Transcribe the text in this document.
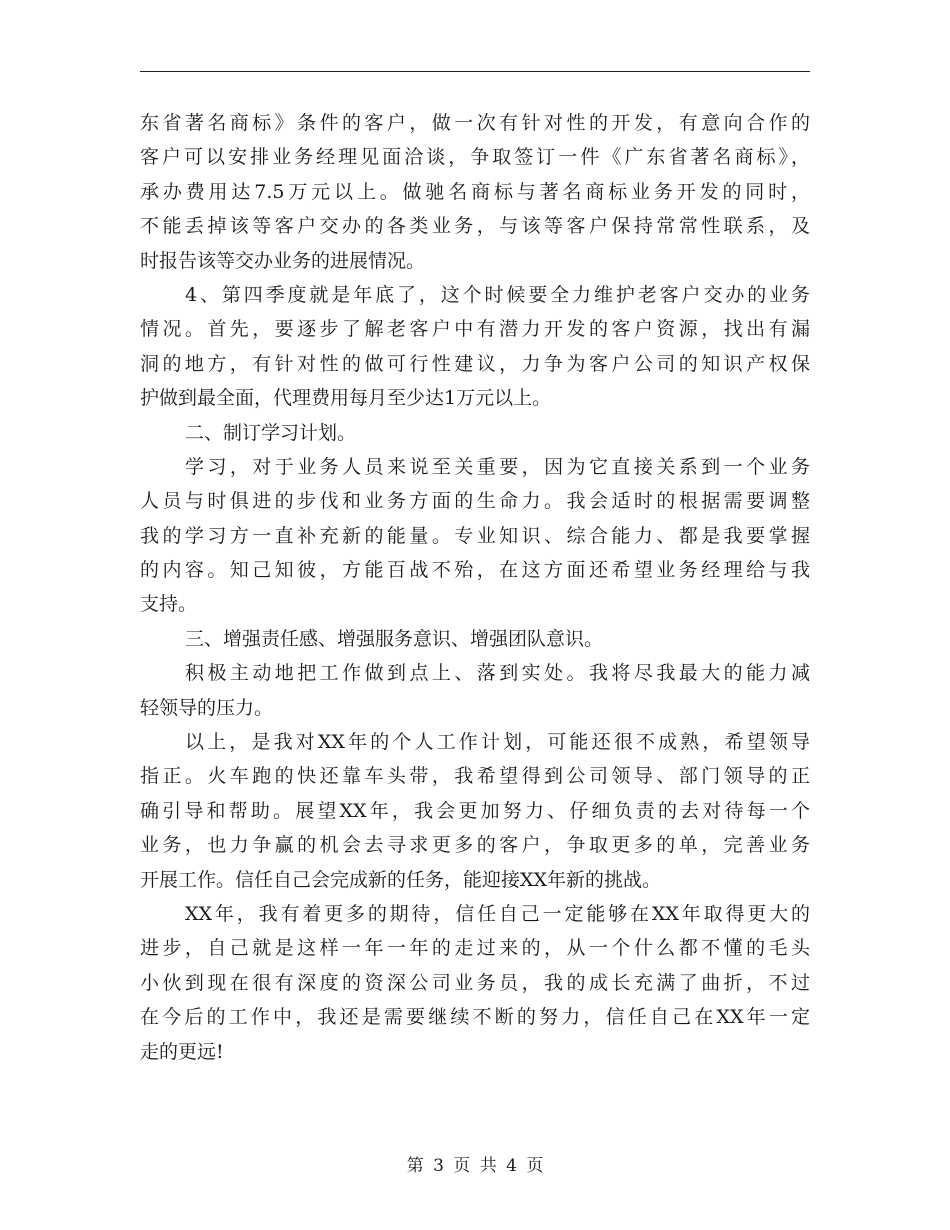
东省著名商标》条件的客户，做一次有针对性的开发，有意向合作的
客户可以安排业务经理见面洽谈，争取签订一件《广东省著名商标》，
承办费用达7.5万元以上。做驰名商标与著名商标业务开发的同时，
不能丢掉该等客户交办的各类业务，与该等客户保持常常性联系，及
时报告该等交办业务的进展情况。
4、第四季度就是年底了，这个时候要全力维护老客户交办的业务
情况。首先，要逐步了解老客户中有潜力开发的客户资源，找出有漏
洞的地方，有针对性的做可行性建议，力争为客户公司的知识产权保
护做到最全面，代理费用每月至少达1万元以上。
二、制订学习计划。
学习，对于业务人员来说至关重要，因为它直接关系到一个业务
人员与时俱进的步伐和业务方面的生命力。我会适时的根据需要调整
我的学习方一直补充新的能量。专业知识、综合能力、都是我要掌握
的内容。知己知彼，方能百战不殆，在这方面还希望业务经理给与我
支持。
三、增强责任感、增强服务意识、增强团队意识。
积极主动地把工作做到点上、落到实处。我将尽我最大的能力减
轻领导的压力。
以上，是我对XX年的个人工作计划，可能还很不成熟，希望领导
指正。火车跑的快还靠车头带，我希望得到公司领导、部门领导的正
确引导和帮助。展望XX年，我会更加努力、仔细负责的去对待每一个
业务，也力争赢的机会去寻求更多的客户，争取更多的单，完善业务
开展工作。信任自己会完成新的任务，能迎接XX年新的挑战。
XX年，我有着更多的期待，信任自己一定能够在XX年取得更大的
进步，自己就是这样一年一年的走过来的，从一个什么都不懂的毛头
小伙到现在很有深度的资深公司业务员，我的成长充满了曲折，不过
在今后的工作中，我还是需要继续不断的努力，信任自己在XX年一定
走的更远!
第 3 页 共 4 页
